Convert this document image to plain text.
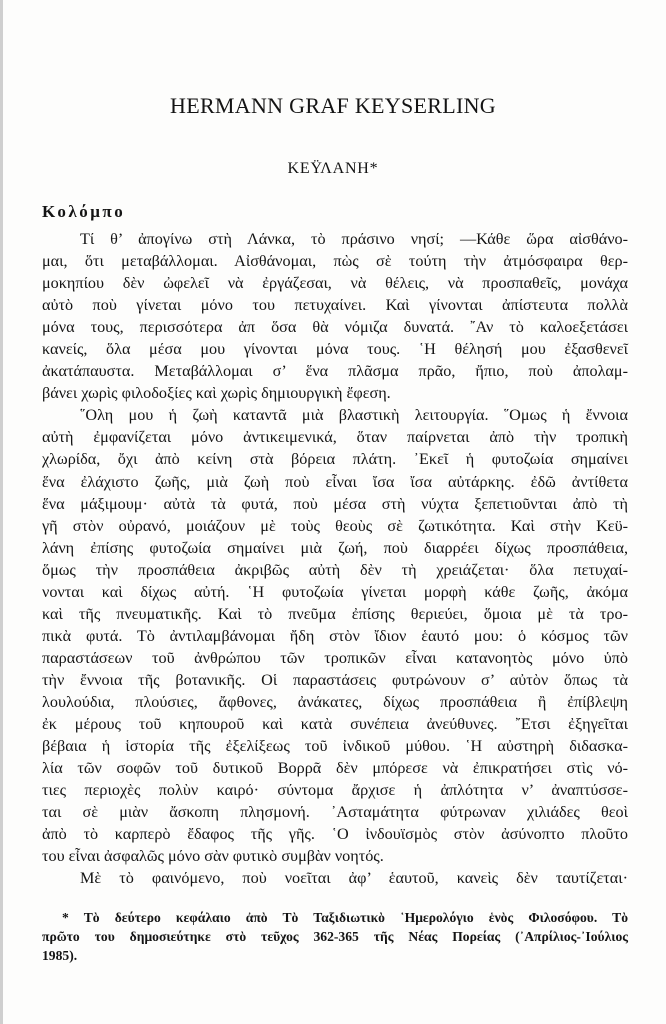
HERMANN GRAF KEYSERLING
ΚΕΫΛΑΝΗ*
Κολόμπο
Τί θ’ ἀπογίνω στὴ Λάνκα, τὸ πράσινο νησί; —Κάθε ὥρα αἰσθάνο-
μαι, ὅτι μεταβάλλομαι. Αἰσθάνομαι, πὼς σὲ τούτη τὴν ἀτμόσφαιρα θερ-
μοκηπίου δὲν ὠφελεῖ νὰ ἐργάζεσαι, νὰ θέλεις, νὰ προσπαθεῖς, μονάχα
αὐτὸ ποὺ γίνεται μόνο του πετυχαίνει. Καὶ γίνονται ἀπίστευτα πολλὰ
μόνα τους, περισσότερα ἀπ ὅσα θὰ νόμιζα δυνατά. ῎Αν τὸ καλοεξετάσει
κανείς, ὅλα μέσα μου γίνονται μόνα τους. ῾Η θέλησή μου ἐξασθενεῖ
ἀκατάπαυστα. Μεταβάλλομαι σ’ ἕνα πλᾶσμα πρᾶο, ἤπιο, ποὺ ἀπολαμ-
βάνει χωρὶς φιλοδοξίες καὶ χωρὶς δημιουργικὴ ἔφεση.
῞Ολη μου ἡ ζωὴ καταντᾶ μιὰ βλαστικὴ λειτουργία. ῞Ομως ἡ ἔννοια
αὐτὴ ἐμφανίζεται μόνο ἀντικειμενικά, ὅταν παίρνεται ἀπὸ τὴν τροπικὴ
χλωρίδα, ὄχι ἀπὸ κείνη στὰ βόρεια πλάτη. ᾿Εκεῖ ἡ φυτοζωία σημαίνει
ἕνα ἐλάχιστο ζωῆς, μιὰ ζωὴ ποὺ εἶναι ἴσα ἴσα αὐτάρκης. ἐδῶ ἀντίθετα
ἕνα μάξιμουμ· αὐτὰ τὰ φυτά, ποὺ μέσα στὴ νύχτα ξεπετιοῦνται ἀπὸ τὴ
γῆ στὸν οὐρανό, μοιάζουν μὲ τοὺς θεοὺς σὲ ζωτικότητα. Καὶ στὴν Κεϋ-
λάνη ἐπίσης φυτοζωία σημαίνει μιὰ ζωή, ποὺ διαρρέει δίχως προσπάθεια,
ὅμως τὴν προσπάθεια ἀκριβῶς αὐτὴ δὲν τὴ χρειάζεται· ὅλα πετυχαί-
νονται καὶ δίχως αὐτή. ῾Η φυτοζωία γίνεται μορφὴ κάθε ζωῆς, ἀκόμα
καὶ τῆς πνευματικῆς. Καὶ τὸ πνεῦμα ἐπίσης θεριεύει, ὅμοια μὲ τὰ τρο-
πικὰ φυτά. Τὸ ἀντιλαμβάνομαι ἤδη στὸν ἴδιον ἑαυτό μου: ὁ κόσμος τῶν
παραστάσεων τοῦ ἀνθρώπου τῶν τροπικῶν εἶναι κατανοητὸς μόνο ὑπὸ
τὴν ἔννοια τῆς βοτανικῆς. Οἱ παραστάσεις φυτρώνουν σ’ αὐτὸν ὅπως τὰ
λουλούδια, πλούσιες, ἄφθονες, ἀνάκατες, δίχως προσπάθεια ἢ ἐπίβλεψη
ἐκ μέρους τοῦ κηπουροῦ καὶ κατὰ συνέπεια ἀνεύθυνες. ῎Ετσι ἐξηγεῖται
βέβαια ἡ ἱστορία τῆς ἐξελίξεως τοῦ ἰνδικοῦ μύθου. ῾Η αὐστηρὴ διδασκα-
λία τῶν σοφῶν τοῦ δυτικοῦ Βορρᾶ δὲν μπόρεσε νὰ ἐπικρατήσει στὶς νό-
τιες περιοχὲς πολὺν καιρό· σύντομα ἄρχισε ἡ ἀπλότητα ν’ ἀναπτύσσε-
ται σὲ μιὰν ἄσκοπη πλησμονή. ᾿Ασταμάτητα φύτρωναν χιλιάδες θεοὶ
ἀπὸ τὸ καρπερὸ ἔδαφος τῆς γῆς. ῾Ο ἰνδουϊσμὸς στὸν ἀσύνοπτο πλοῦτο
του εἶναι ἀσφαλῶς μόνο σὰν φυτικὸ συμβὰν νοητός.
Μὲ τὸ φαινόμενο, ποὺ νοεῖται ἀφ’ ἑαυτοῦ, κανεὶς δὲν ταυτίζεται·
* Τὸ δεύτερο κεφάλαιο ἀπὸ Τὸ Ταξιδιωτικὸ ῾Ημερολόγιο ἑνὸς Φιλοσόφου. Τὸ
πρῶτο του δημοσιεύτηκε στὸ τεῦχος 362-365 τῆς Νέας Πορείας (᾿Απρίλιος-᾿Ιούλιος
1985).
